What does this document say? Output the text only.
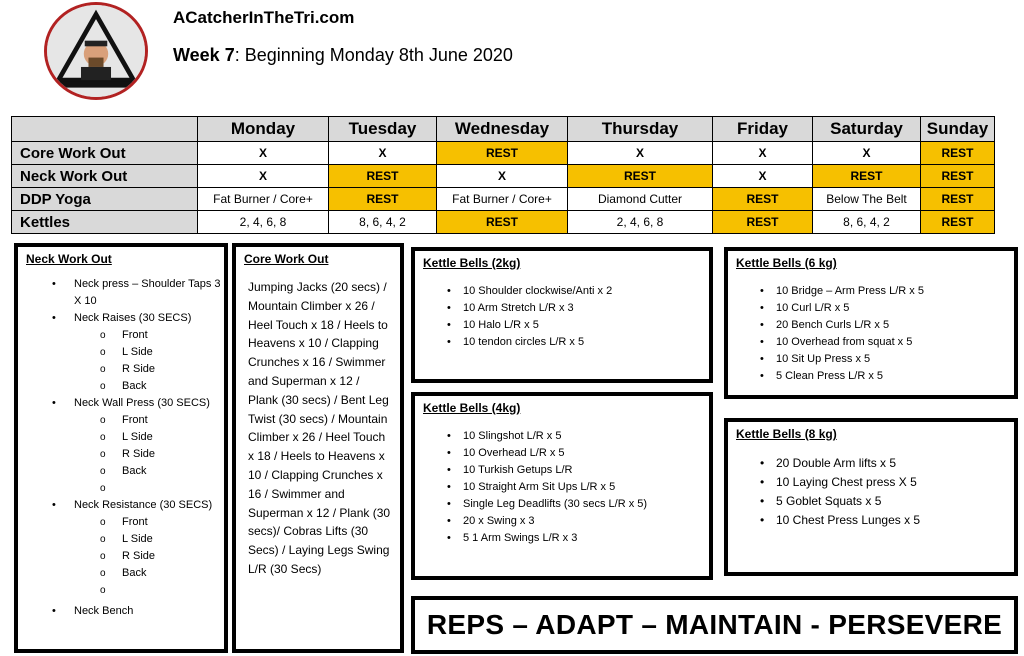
ACatcherInTheTri.com
Week 7: Beginning Monday 8th June 2020
	Monday	Tuesday	Wednesday	Thursday	Friday	Saturday	Sunday
Core Work Out	X	X	REST	X	X	X	REST
Neck Work Out	X	REST	X	REST	X	REST	REST
DDP Yoga	Fat Burner / Core+	REST	Fat Burner / Core+	Diamond Cutter	REST	Below The Belt	REST
Kettles	2, 4, 6, 8	8, 6, 4, 2	REST	2, 4, 6, 8	REST	8, 6, 4, 2	REST
Neck Work Out
• Neck press – Shoulder Taps 3 X 10
• Neck Raises (30 SECS)
o Front
o L Side
o R Side
o Back
• Neck Wall Press (30 SECS)
o Front
o L Side
o R Side
o Back
o
• Neck Resistance (30 SECS)
o Front
o L Side
o R Side
o Back
o
• Neck Bench
Core Work Out
Jumping Jacks (20 secs) / Mountain Climber x 26 / Heel Touch x 18 / Heels to Heavens x 10 / Clapping Crunches x 16 / Swimmer and Superman x 12 / Plank (30 secs) / Bent Leg Twist (30 secs) / Mountain Climber x 26 / Heel Touch x 18 / Heels to Heavens x 10 / Clapping Crunches x 16 / Swimmer and Superman x 12 / Plank (30 secs)/ Cobras Lifts (30 Secs) / Laying Legs Swing L/R (30 Secs)
Kettle Bells (2kg)
• 10 Shoulder clockwise/Anti x 2
• 10 Arm Stretch L/R x 3
• 10 Halo L/R x 5
• 10 tendon circles L/R x 5
Kettle Bells (4kg)
• 10 Slingshot L/R x 5
• 10 Overhead L/R x 5
• 10 Turkish Getups L/R
• 10 Straight Arm Sit Ups L/R x 5
• Single Leg Deadlifts (30 secs L/R x 5)
• 20 x Swing x 3
• 5 1 Arm Swings L/R x 3
Kettle Bells (6 kg)
• 10 Bridge – Arm Press L/R x 5
• 10 Curl L/R x 5
• 20 Bench Curls L/R x 5
• 10 Overhead from squat x 5
• 10 Sit Up Press x 5
• 5 Clean Press L/R x 5
Kettle Bells (8 kg)
• 20 Double Arm lifts x 5
• 10 Laying Chest press X 5
• 5 Goblet Squats x 5
• 10 Chest Press Lunges x 5
REPS – ADAPT – MAINTAIN - PERSEVERE
